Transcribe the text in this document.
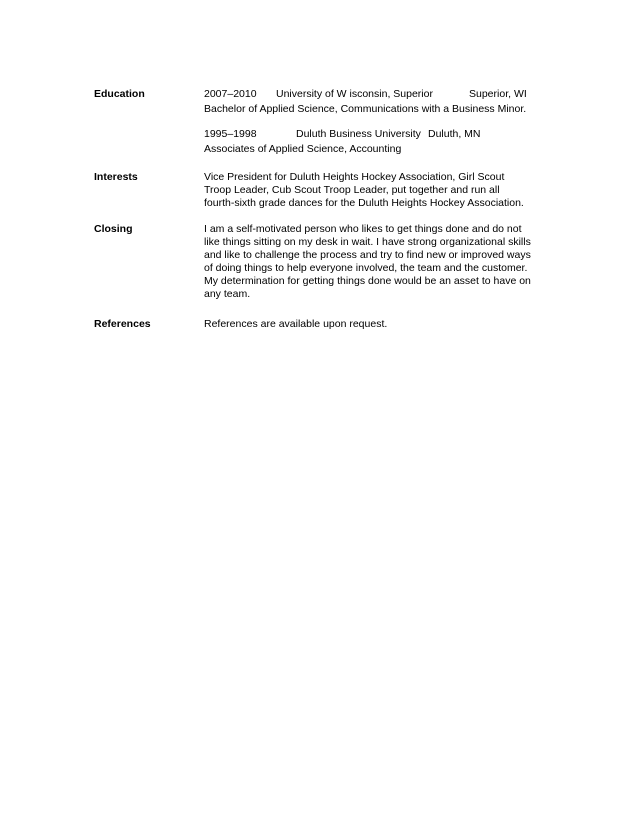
Education	2007–2010 University of W isconsin, Superior	Superior, WI
Bachelor of Applied Science, Communications with a Business Minor.
1995–1998	Duluth Business University Duluth, MN
Associates of Applied Science, Accounting
Interests	Vice President for Duluth Heights Hockey Association, Girl Scout
Troop Leader, Cub Scout Troop Leader, put together and run all
fourth-sixth grade dances for the Duluth Heights Hockey Association.
Closing	I am a self-motivated person who likes to get things done and do not
like things sitting on my desk in wait. I have strong organizational skills
and like to challenge the process and try to find new or improved ways
of doing things to help everyone involved, the team and the customer.
My determination for getting things done would be an asset to have on
any team.
References	References are available upon request.
